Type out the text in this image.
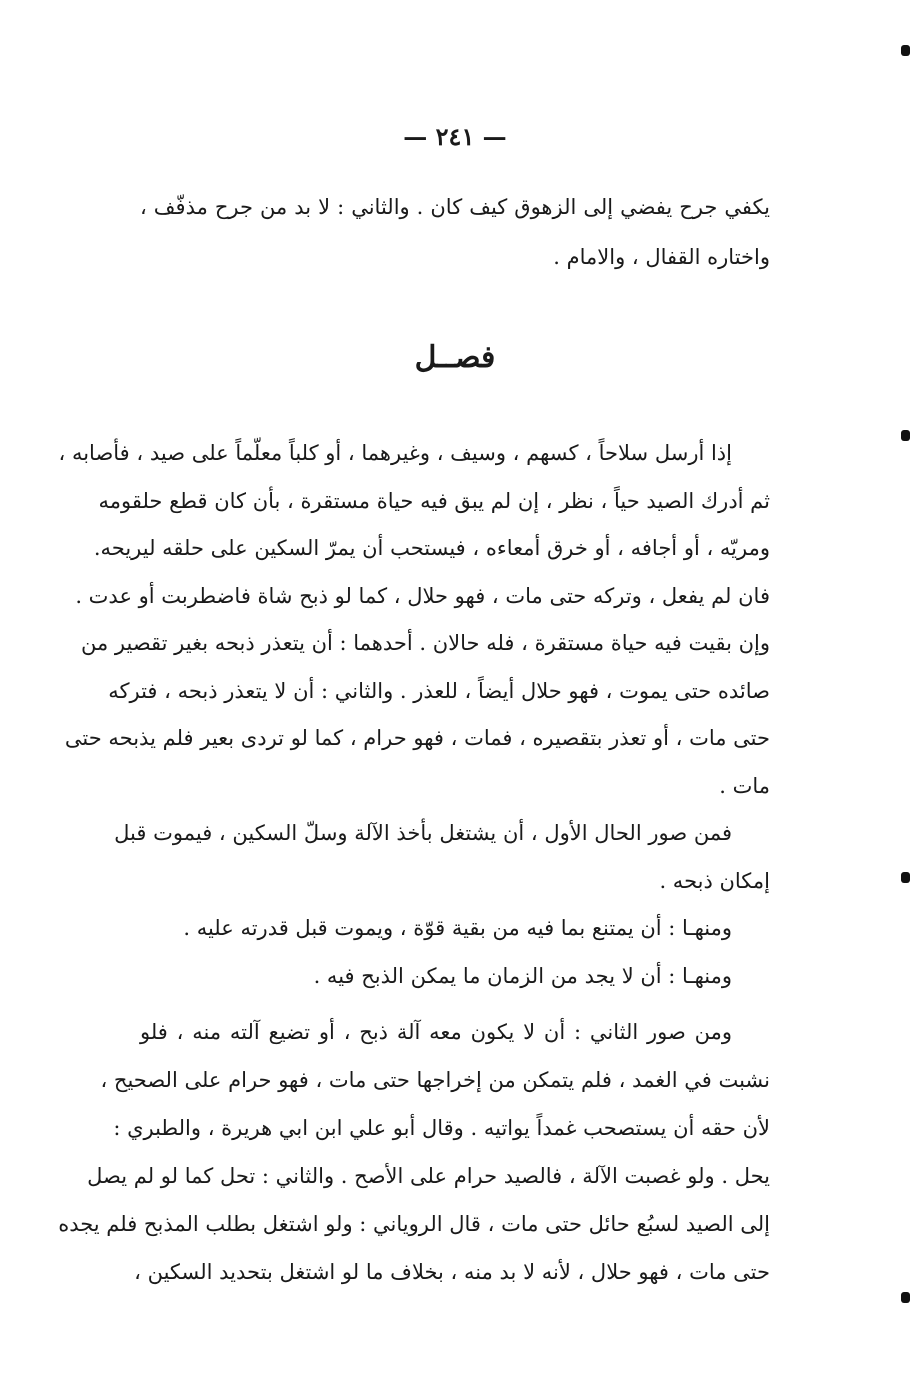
— ٢٤١ —
يكفي جرح يفضي إلى الزهوق كيف كان . والثاني : لا بد من جرح مذفّف ،
واختاره القفال ، والامام .
فصــل
إذا أرسل سلاحاً ، كسهم ، وسيف ، وغيرهما ، أو كلباً معلّماً على صيد ، فأصابه ،
ثم أدرك الصيد حياً ، نظر ، إن لم يبق فيه حياة مستقرة ، بأن كان قطع حلقومه
ومريّه ، أو أجافه ، أو خرق أمعاءه ، فيستحب أن يمرّ السكين على حلقه ليريحه.
فان لم يفعل ، وتركه حتى مات ، فهو حلال ، كما لو ذبح شاة فاضطربت أو عدت .
وإن بقيت فيه حياة مستقرة ، فله حالان . أحدهما : أن يتعذر ذبحه بغير تقصير من
صائده حتى يموت ، فهو حلال أيضاً ، للعذر . والثاني : أن لا يتعذر ذبحه ، فتركه
حتى مات ، أو تعذر بتقصيره ، فمات ، فهو حرام ، كما لو تردى بعير فلم يذبحه حتى
مات .
فمن صور الحال الأول ، أن يشتغل بأخذ الآلة وسلّ السكين ، فيموت قبل
إمكان ذبحه .
ومنهـا : أن يمتنع بما فيه من بقية قوّة ، ويموت قبل قدرته عليه .
ومنهـا : أن لا يجد من الزمان ما يمكن الذبح فيه .
ومن صور الثاني : أن لا يكون معه آلة ذبح ، أو تضيع آلته منه ، فلو
نشبت في الغمد ، فلم يتمكن من إخراجها حتى مات ، فهو حرام على الصحيح ،
لأن حقه أن يستصحب غمداً يواتيه . وقال أبو علي ابن ابي هريرة ، والطبري :
يحل . ولو غصبت الآلة ، فالصيد حرام على الأصح . والثاني : تحل كما لو لم يصل
إلى الصيد لسبُع حائل حتى مات ، قال الروياني : ولو اشتغل بطلب المذبح فلم يجده
حتى مات ، فهو حلال ، لأنه لا بد منه ، بخلاف ما لو اشتغل بتحديد السكين ،
